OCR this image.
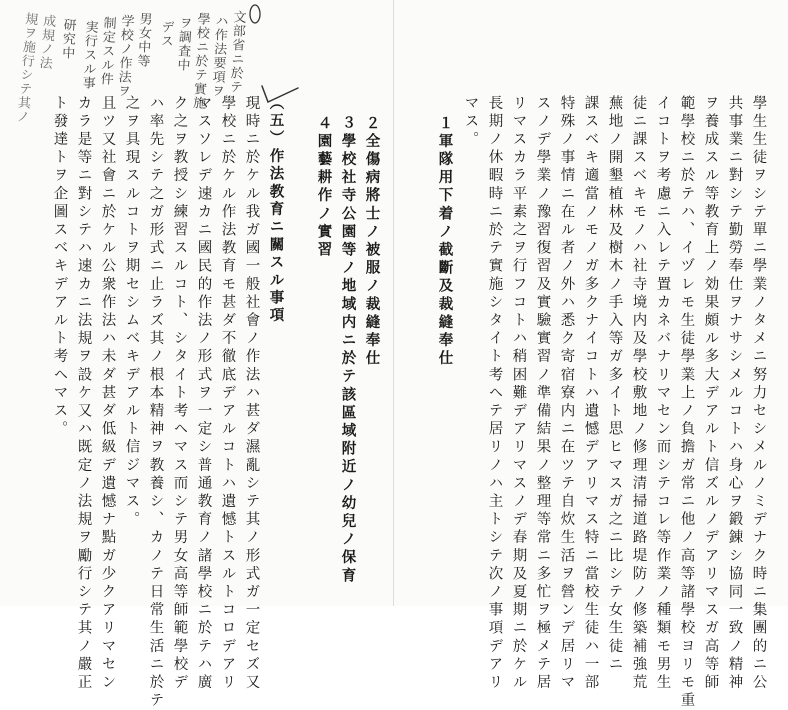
學生生徒ヲシテ單ニ學業ノタメニ努力セシメルノミデナク時ニ集團的ニ公
共事業ニ對シテ勤勞奉仕ヲナサシメルコトハ身心ヲ鍛錬シ協同一致ノ精神
ヲ養成スル等教育上ノ効果頗ル多大デアルト信ズルノデアリマスガ高等師
範學校ニ於テハ、イヅレモ生徒學業上ノ負擔ガ常ニ他ノ高等諸學校ヨリモ重
イコトヲ考慮ニ入レテ置カネバナリマセン而シテコレ等作業ノ種類モ男生
徒ニ課スベキモノハ社寺境内及學校敷地ノ修理清掃道路堤防ノ修築補強荒
蕪地ノ開墾植林及樹木ノ手入等ガ多イト思ヒマスガ之ニ比シテ女生徒ニ
課スベキ適當ノモノガ多クナイコトハ遺憾デアリマス特ニ當校生徒ハ一部
特殊ノ事情ニ在ル者ノ外ハ悉ク寄宿寮内ニ在ツテ自炊生活ヲ營ンデ居リマ
スノデ學業ノ豫習復習及實驗實習ノ準備結果ノ整理等常ニ多忙ヲ極メテ居
リマスカラ平素之ヲ行フコトハ稍困難デアリマスノデ春期及夏期ニ於ケル
長期ノ休暇時ニ於テ實施シタイト考ヘテ居リノハ主トシテ次ノ事項デアリ
マス。
１軍隊用下着ノ截斷及裁縫奉仕
２全傷病將士ノ被服ノ裁縫奉仕
３學校社寺公園等ノ地域内ニ於テ該區域附近ノ幼兒ノ保育
４園藝耕作ノ實習
（五）作法教育ニ關スル事項
現時ニ於ケル我ガ國一般社會ノ作法ハ甚ダ濕亂シテ其ノ形式ガ一定セズ又
學校ニ於ケル作法教育モ甚ダ不徹底デアルコトハ遺憾トスルトコロデアリ
マスソレデ速カニ國民的作法ノ形式ヲ一定シ普通教育ノ諸學校ニ於テハ廣
ク之ヲ教授シ練習スルコト、シタイト考ヘマス而シテ男女高等師範學校デ
ハ率先シテ之ガ形式ニ止ラズ其ノ根本精神ヲ教養シ、カノテ日常生活ニ於テ
之ヲ具現スルコトヲ期セシムベキデアルト信ジマス。
且ツ又社會ニ於ケル公衆作法ハ未ダ甚ダ低級デ遺憾ナ點ガ少クアリマセン
カラ是等ニ對シテハ速カニ法規ヲ設ケ又ハ既定ノ法規ヲ勵行シテ其ノ嚴正
ト發達トヲ企圖スベキデアルト考ヘマス。
文部省ニ於テ
ハ作法要項ヲ
學校ニ於テ實施
ヲ調査中
デス
男女中等
学校ノ作法ヲ
制定スル件
実行スル事
研究中
成規ノ法
規ヲ施行シテ其ノ
